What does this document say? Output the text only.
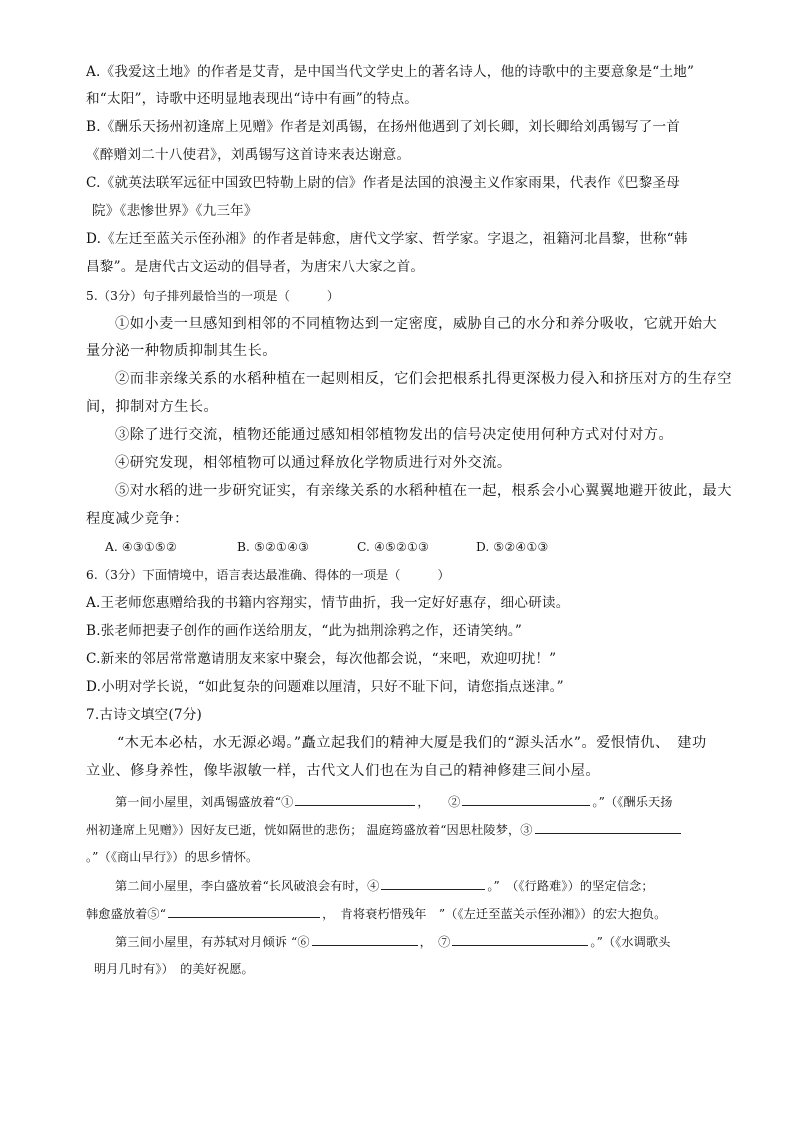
A.《我爱这土地》的作者是艾青，是中国当代文学史上的著名诗人，他的诗歌中的主要意象是“土地”
和“太阳”，诗歌中还明显地表现出“诗中有画”的特点。
B.《酬乐天扬州初逢席上见赠》作者是刘禹锡，在扬州他遇到了刘长卿，刘长卿给刘禹锡写了一首
《醉赠刘二十八使君》，刘禹锡写这首诗来表达谢意。
C.《就英法联军远征中国致巴特勒上尉的信》作者是法国的浪漫主义作家雨果，代表作《巴黎圣母
院》《悲惨世界》《九三年》
D.《左迁至蓝关示侄孙湘》的作者是韩愈，唐代文学家、哲学家。字退之，祖籍河北昌黎，世称“韩
昌黎”。是唐代古文运动的倡导者，为唐宋八大家之首。
5.（3分）句子排列最恰当的一项是（　　　）
①如小麦一旦感知到相邻的不同植物达到一定密度，威胁自己的水分和养分吸收，它就开始大
量分泌一种物质抑制其生长。
②而非亲缘关系的水稻种植在一起则相反，它们会把根系扎得更深极力侵入和挤压对方的生存空
间，抑制对方生长。
③除了进行交流，植物还能通过感知相邻植物发出的信号决定使用何种方式对付对方。
④研究发现，相邻植物可以通过释放化学物质进行对外交流。
⑤对水稻的进一步研究证实，有亲缘关系的水稻种植在一起，根系会小心翼翼地避开彼此，最大
程度减少竞争：
A. ④③①⑤②	B. ⑤②①④③	C. ④⑤②①③	D. ⑤②④①③
6.（3分）下面情境中，语言表达最准确、得体的一项是（　　　）
A.王老师您惠赠给我的书籍内容翔实，情节曲折，我一定好好惠存，细心研读。
B.张老师把妻子创作的画作送给朋友，“此为拙荆涂鸦之作，还请笑纳。”
C.新来的邻居常常邀请朋友来家中聚会，每次他都会说，“来吧，欢迎叨扰！”
D.小明对学长说，“如此复杂的问题难以厘清，只好不耻下问，请您指点迷津。”
7.古诗文填空(7分)
“木无本必枯，水无源必竭。”矗立起我们的精神大厦是我们的“源头活水”。爱恨情仇、　建功
立业、修身养性，像毕淑敏一样，古代文人们也在为自己的精神修建三间小屋。
第一间小屋里，刘禹锡盛放着“①	，　　②	。”（《酬乐天扬
州初逢席上见赠》）因好友已逝，恍如隔世的悲伤； 温庭筠盛放着“因思杜陵梦，③
。”（《商山早行》）的思乡情怀。
第二间小屋里，李白盛放着“长风破浪会有时，④	。”　（《行路难》）的坚定信念；
韩愈盛放着⑤“	，　肯将衰朽惜残年　”（《左迁至蓝关示侄孙湘》）的宏大抱负。
第三间小屋里，有苏轼对月倾诉 “⑥	，　⑦	。”（《水调歌头
明月几时有》）　的美好祝愿。
